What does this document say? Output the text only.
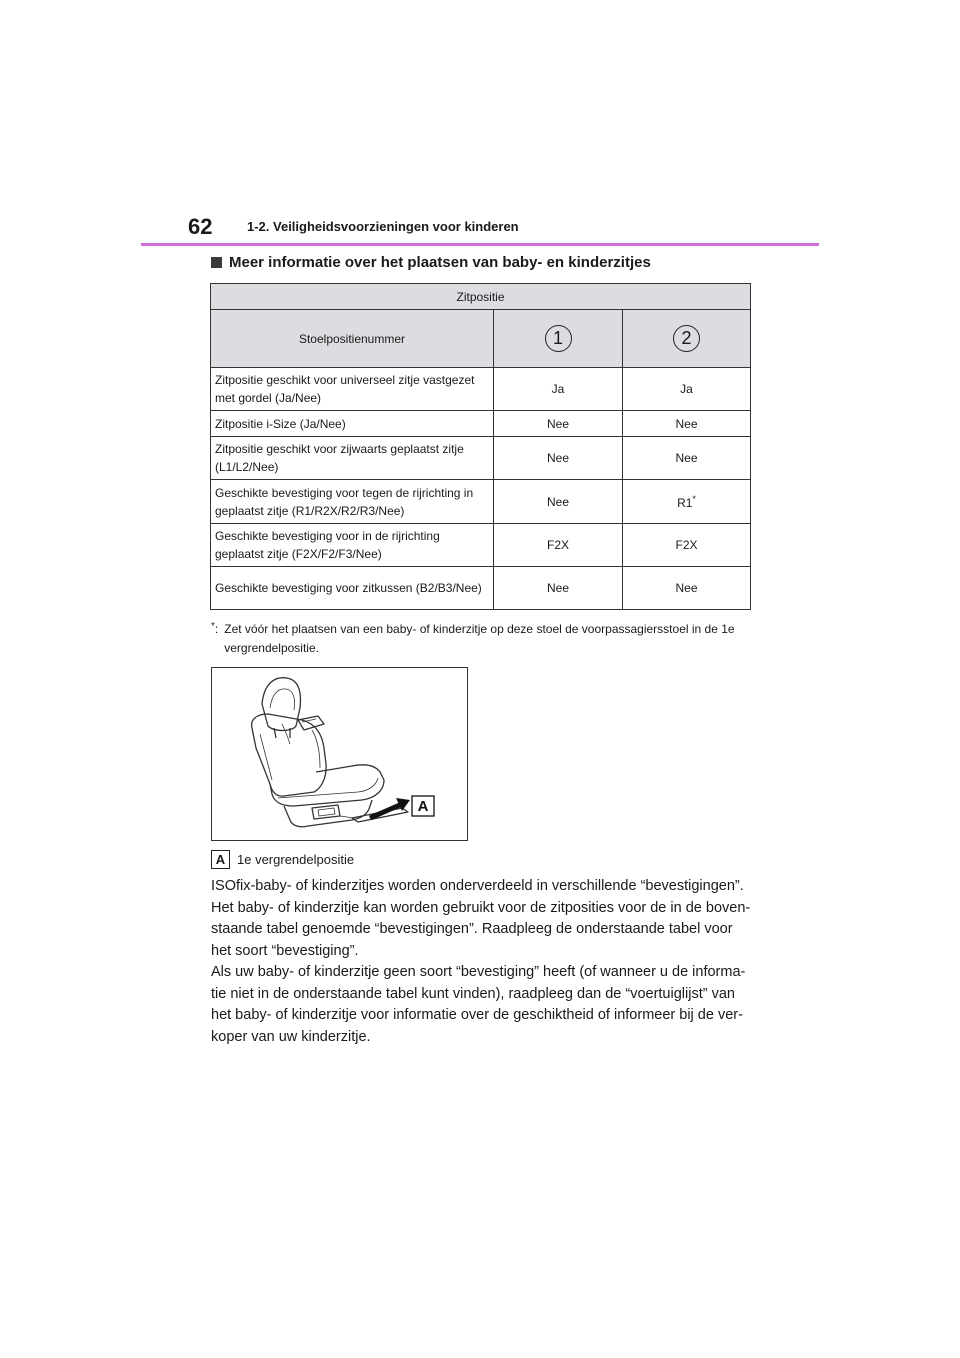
62	1-2. Veiligheidsvoorzieningen voor kinderen
Meer informatie over het plaatsen van baby- en kinderzitjes
Zitpositie		
Stoelpositienummer	1	2
Zitpositie geschikt voor universeel zitje vastgezet met gordel (Ja/Nee)	Ja	Ja
Zitpositie i-Size (Ja/Nee)	Nee	Nee
Zitpositie geschikt voor zijwaarts geplaatst zitje (L1/L2/Nee)	Nee	Nee
Geschikte bevestiging voor tegen de rijrichting in geplaatst zitje (R1/R2X/R2/R3/Nee)	Nee	R1*
Geschikte bevestiging voor in de rijrichting geplaatst zitje (F2X/F2/F3/Nee)	F2X	F2X
Geschikte bevestiging voor zitkussen (B2/B3/Nee)	Nee	Nee
*: Zet vóór het plaatsen van een baby- of kinderzitje op deze stoel de voorpassagiersstoel in de 1e vergrendelpositie.
A
A 1e vergrendelpositie

ISOfix-baby- of kinderzitjes worden onderverdeeld in verschillende “bevestigingen”. Het baby- of kinderzitje kan worden gebruikt voor de zitposities voor de in de boven- staande tabel genoemde “bevestigingen”. Raadpleeg de onderstaande tabel voor het soort “bevestiging”.

Als uw baby- of kinderzitje geen soort “bevestiging” heeft (of wanneer u de informa- tie niet in de onderstaande tabel kunt vinden), raadpleeg dan de “voertuiglijst” van het baby- of kinderzitje voor informatie over de geschiktheid of informeer bij de ver- koper van uw kinderzitje.
